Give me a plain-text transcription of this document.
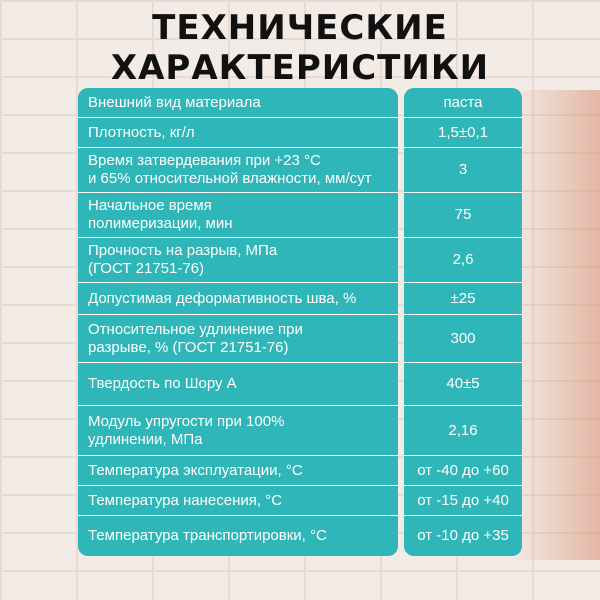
ТЕХНИЧЕСКИЕ
ХАРАКТЕРИСТИКИ
Внешний вид материала
Плотность, кг/л
Время затвердевания при +23 °С
и 65% относительной влажности, мм/сут
Начальное время
полимеризации, мин
Прочность на разрыв, МПа
(ГОСТ 21751-76)
Допустимая деформативность шва, %
Относительное удлинение при
разрыве, % (ГОСТ 21751-76)
Твердость по Шору А
Модуль упругости при 100%
удлинении, МПа
Температура эксплуатации, °С
Температура нанесения, °С
Температура транспортировки, °С
паста
1,5±0,1
3
75
2,6
±25
300
40±5
2,16
от -40 до +60
от -15 до +40
от -10 до +35
